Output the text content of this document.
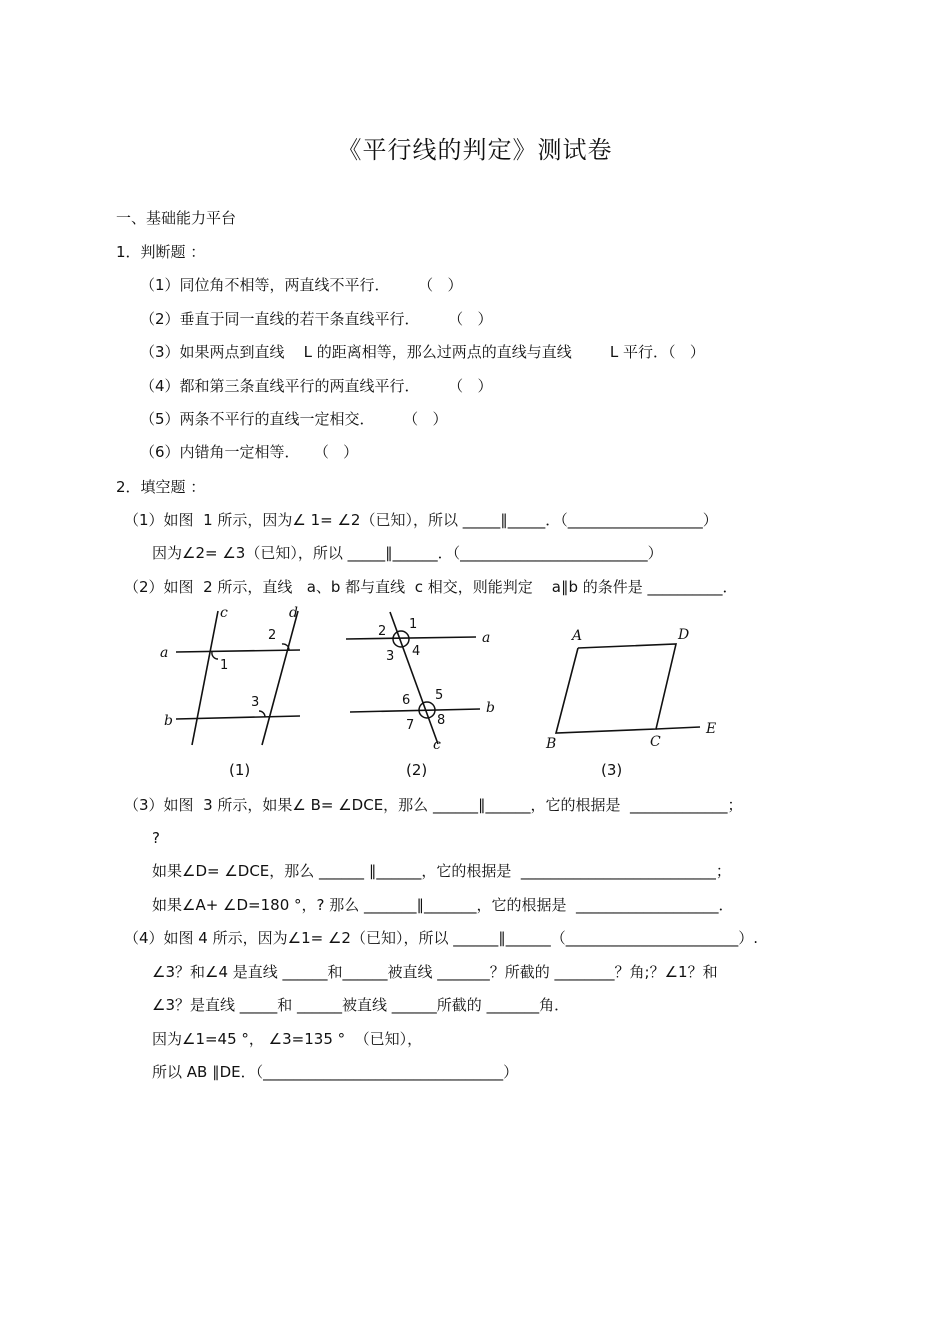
《平行线的判定》测试卷
一、基础能力平台
1．判断题 ：
（1）同位角不相等，两直线不平行．      （   ）
（2）垂直于同一直线的若干条直线平行．      （   ）
（3）如果两点到直线    L 的距离相等，那么过两点的直线与直线        L 平行．（   ）
（4）都和第三条直线平行的两直线平行．      （   ）
（5）两条不平行的直线一定相交．      （   ）
（6）内错角一定相等．   （   ）
2．填空题 ：
（1）如图  1 所示，因为∠ 1= ∠2（已知），所以 _____∥_____．（__________________）
因为∠2= ∠3（已知），所以 _____∥______．（_________________________）
（2）如图  2 所示，直线   a、b 都与直线  c 相交，则能判定    a∥b 的条件是 __________．
c	d
a
b
1
2
3
1
2
3 4
a
5
6
7 8
b
c
A	D
B	C
E
(1)	(2)	(3)
（3）如图  3 所示，如果∠ B= ∠DCE，那么 ______∥______，它的根据是  _____________；
?
如果∠D= ∠DCE，那么 ______ ∥______，它的根据是  __________________________；
如果∠A+ ∠D=180 °，? 那么 _______∥_______，它的根据是  ___________________．
（4）如图 4 所示，因为∠1= ∠2（已知），所以 ______∥______（_______________________）.
∠3？和∠4 是直线 ______和______被直线 _______？所截的 ________？角;？∠1？和
∠3？是直线 _____和 ______被直线 ______所截的 _______角．
因为∠1=45 °， ∠3=135 °  （已知），
所以 AB ∥DE．（________________________________）
